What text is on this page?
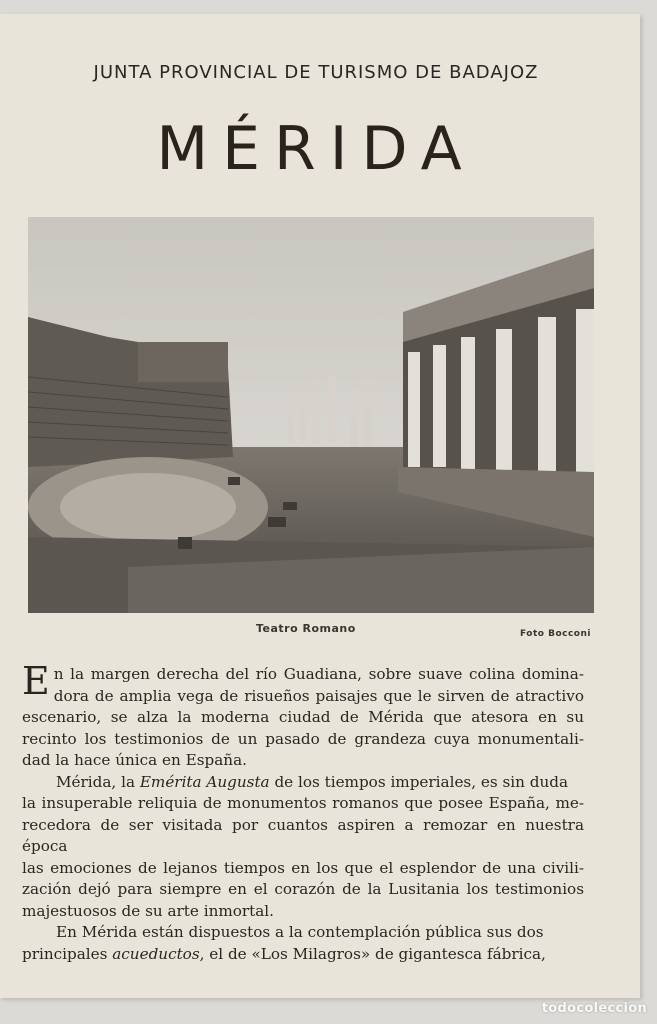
JUNTA PROVINCIAL DE TURISMO DE BADAJOZ
MÉRIDA
Teatro Romano	Foto Bocconi
E n la margen derecha del río Guadiana, sobre suave colina domina-
dora de amplia vega de risueños paisajes que le sirven de atractivo
escenario, se alza la moderna ciudad de Mérida que atesora en su
recinto los testimonios de un pasado de grandeza cuya monumentali-
dad la hace única en España.
Mérida, la Emérita Augusta de los tiempos imperiales, es sin duda
la insuperable reliquia de monumentos romanos que posee España, me-
recedora de ser visitada por cuantos aspiren a remozar en nuestra época
las emociones de lejanos tiempos en los que el esplendor de una civili-
zación dejó para siempre en el corazón de la Lusitania los testimonios
majestuosos de su arte inmortal.
En Mérida están dispuestos a la contemplación pública sus dos
principales acueductos, el de «Los Milagros» de gigantesca fábrica,
todocoleccion
